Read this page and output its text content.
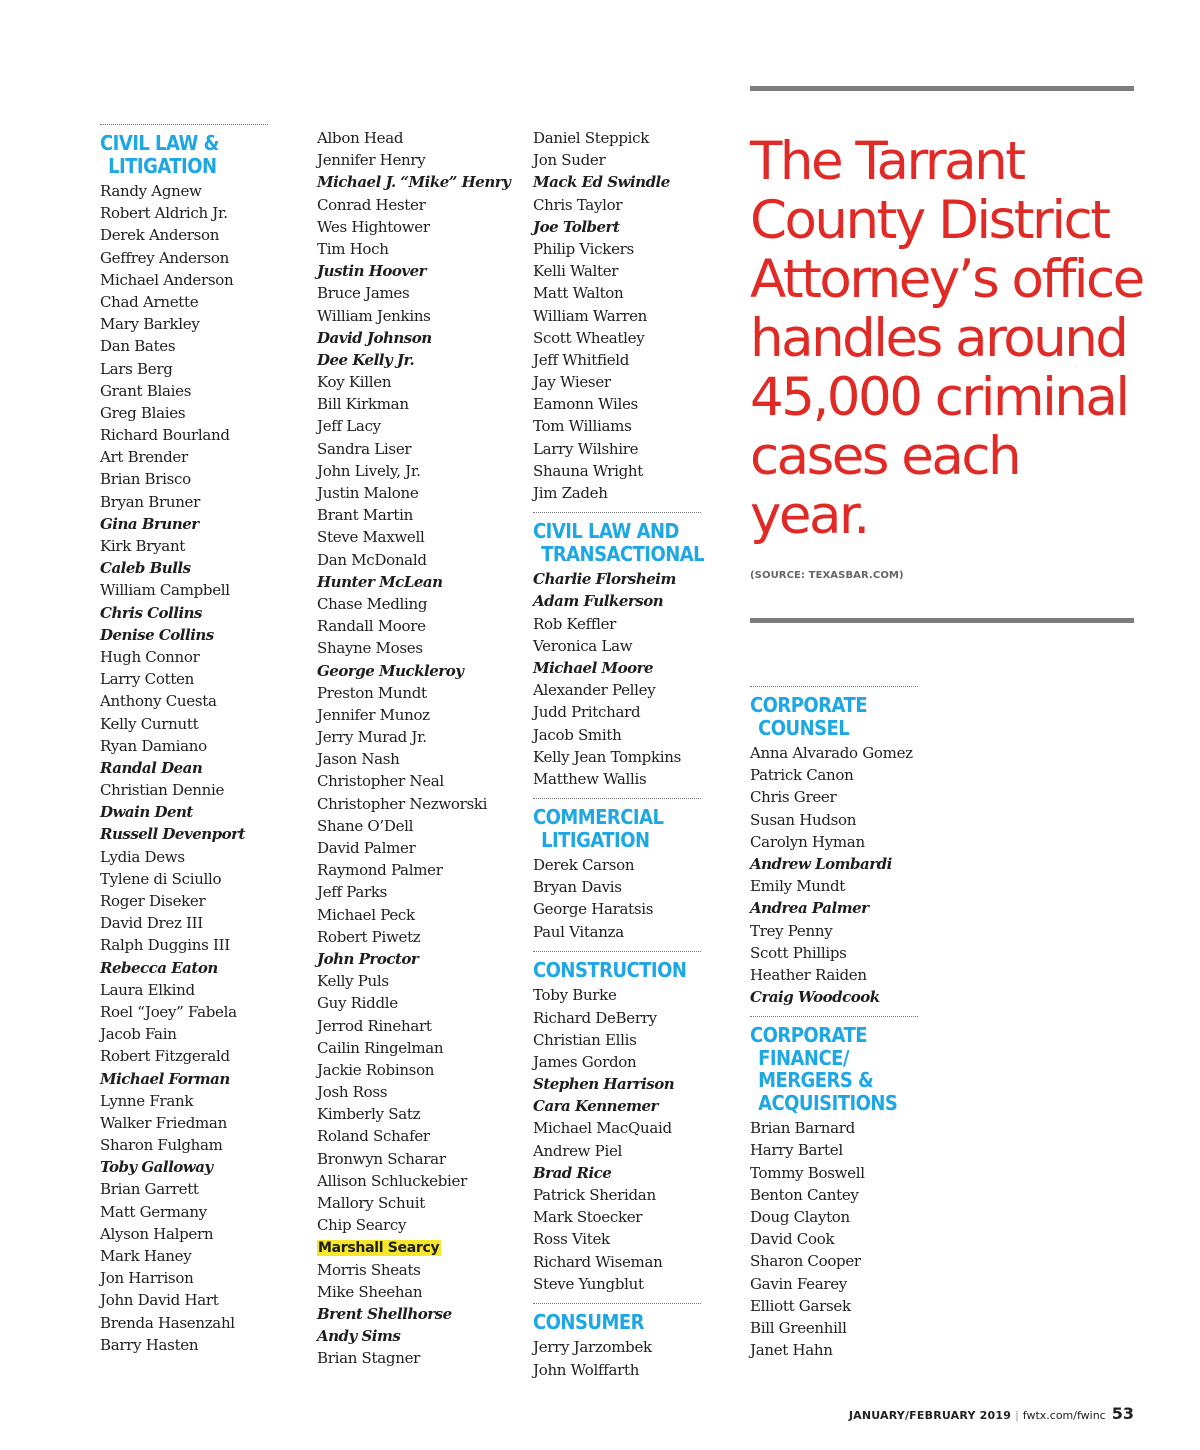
CIVIL LAW &
LITIGATION
Randy Agnew
Robert Aldrich Jr.
Derek Anderson
Geffrey Anderson
Michael Anderson
Chad Arnette
Mary Barkley
Dan Bates
Lars Berg
Grant Blaies
Greg Blaies
Richard Bourland
Art Brender
Brian Brisco
Bryan Bruner
Gina Bruner
Kirk Bryant
Caleb Bulls
William Campbell
Chris Collins
Denise Collins
Hugh Connor
Larry Cotten
Anthony Cuesta
Kelly Curnutt
Ryan Damiano
Randal Dean
Christian Dennie
Dwain Dent
Russell Devenport
Lydia Dews
Tylene di Sciullo
Roger Diseker
David Drez III
Ralph Duggins III
Rebecca Eaton
Laura Elkind
Roel “Joey” Fabela
Jacob Fain
Robert Fitzgerald
Michael Forman
Lynne Frank
Walker Friedman
Sharon Fulgham
Toby Galloway
Brian Garrett
Matt Germany
Alyson Halpern
Mark Haney
Jon Harrison
John David Hart
Brenda Hasenzahl
Barry Hasten
Albon Head
Jennifer Henry
Michael J. “Mike” Henry
Conrad Hester
Wes Hightower
Tim Hoch
Justin Hoover
Bruce James
William Jenkins
David Johnson
Dee Kelly Jr.
Koy Killen
Bill Kirkman
Jeff Lacy
Sandra Liser
John Lively, Jr.
Justin Malone
Brant Martin
Steve Maxwell
Dan McDonald
Hunter McLean
Chase Medling
Randall Moore
Shayne Moses
George Muckleroy
Preston Mundt
Jennifer Munoz
Jerry Murad Jr.
Jason Nash
Christopher Neal
Christopher Nezworski
Shane O’Dell
David Palmer
Raymond Palmer
Jeff Parks
Michael Peck
Robert Piwetz
John Proctor
Kelly Puls
Guy Riddle
Jerrod Rinehart
Cailin Ringelman
Jackie Robinson
Josh Ross
Kimberly Satz
Roland Schafer
Bronwyn Scharar
Allison Schluckebier
Mallory Schuit
Chip Searcy
Marshall Searcy
Morris Sheats
Mike Sheehan
Brent Shellhorse
Andy Sims
Brian Stagner
Daniel Steppick
Jon Suder
Mack Ed Swindle
Chris Taylor
Joe Tolbert
Philip Vickers
Kelli Walter
Matt Walton
William Warren
Scott Wheatley
Jeff Whitfield
Jay Wieser
Eamonn Wiles
Tom Williams
Larry Wilshire
Shauna Wright
Jim Zadeh
CIVIL LAW AND
TRANSACTIONAL
Charlie Florsheim
Adam Fulkerson
Rob Keffler
Veronica Law
Michael Moore
Alexander Pelley
Judd Pritchard
Jacob Smith
Kelly Jean Tompkins
Matthew Wallis
COMMERCIAL
LITIGATION
Derek Carson
Bryan Davis
George Haratsis
Paul Vitanza
CONSTRUCTION
Toby Burke
Richard DeBerry
Christian Ellis
James Gordon
Stephen Harrison
Cara Kennemer
Michael MacQuaid
Andrew Piel
Brad Rice
Patrick Sheridan
Mark Stoecker
Ross Vitek
Richard Wiseman
Steve Yungblut
CONSUMER
Jerry Jarzombek
John Wolffarth
CORPORATE
COUNSEL
Anna Alvarado Gomez
Patrick Canon
Chris Greer
Susan Hudson
Carolyn Hyman
Andrew Lombardi
Emily Mundt
Andrea Palmer
Trey Penny
Scott Phillips
Heather Raiden
Craig Woodcook
CORPORATE
FINANCE/
MERGERS &
ACQUISITIONS
Brian Barnard
Harry Bartel
Tommy Boswell
Benton Cantey
Doug Clayton
David Cook
Sharon Cooper
Gavin Fearey
Elliott Garsek
Bill Greenhill
Janet Hahn
The Tarrant
County District
Attorney’s office
handles around
45,000 criminal
cases each
year.
(SOURCE: TEXASBAR.COM)
JANUARY/FEBRUARY 2019 | fwtx.com/fwinc 53
